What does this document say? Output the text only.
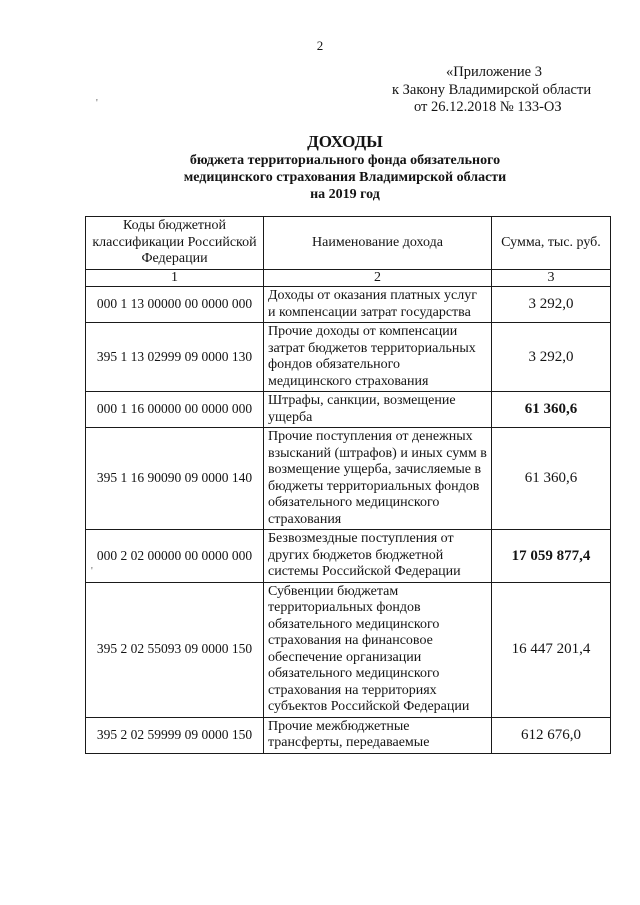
2
«Приложение 3
к Закону Владимирской области
от 26.12.2018 № 133-ОЗ
ДОХОДЫ
бюджета территориального фонда обязательного
медицинского страхования Владимирской области
на 2019 год
Коды бюджетной классификации Российской Федерации	Наименование дохода	Сумма, тыс. руб.
1	2	3
000 1 13 00000 00 0000 000	Доходы от оказания платных услуг и компенсации затрат государства	3 292,0
395 1 13 02999 09 0000 130	Прочие доходы от компенсации затрат бюджетов территориальных фондов обязательного медицинского страхования	3 292,0
000 1 16 00000 00 0000 000	Штрафы, санкции, возмещение ущерба	61 360,6
395 1 16 90090 09 0000 140	Прочие поступления от денежных взысканий (штрафов) и иных сумм в возмещение ущерба, зачисляемые в бюджеты территориальных фондов обязательного медицинского страхования	61 360,6
000 2 02 00000 00 0000 000	Безвозмездные поступления от других бюджетов бюджетной системы Российской Федерации	17 059 877,4
395 2 02 55093 09 0000 150	Субвенции бюджетам территориальных фондов обязательного медицинского страхования на финансовое обеспечение организации обязательного медицинского страхования на территориях субъектов Российской Федерации	16 447 201,4
395 2 02 59999 09 0000 150	Прочие межбюджетные трансферты, передаваемые	612 676,0
'
'
